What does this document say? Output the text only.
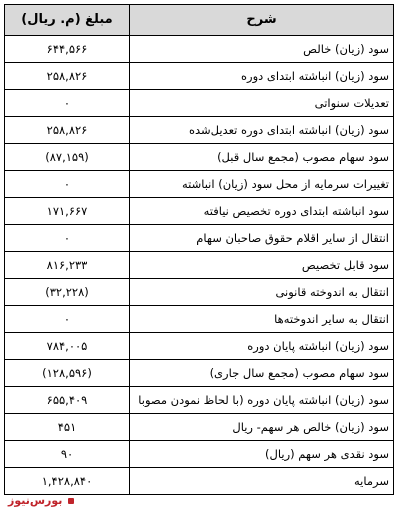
شرح	مبلغ (م. ریال)
سود (زیان) خالص	۶۴۴,۵۶۶
سود (زیان) انباشته ابتدای دوره	۲۵۸,۸۲۶
تعدیلات سنواتی	۰
سود (زیان) انباشته ابتدای دوره تعدیل‌شده	۲۵۸,۸۲۶
سود سهام مصوب (مجمع سال قبل)	(۸۷,۱۵۹)
تغییرات سرمایه از محل سود (زیان) انباشته	۰
سود انباشته ابتدای دوره تخصیص نیافته	۱۷۱,۶۶۷
انتقال از سایر اقلام حقوق صاحبان سهام	۰
سود قابل تخصیص	۸۱۶,۲۳۳
انتقال به اندوخته قانونی	(۳۲,۲۲۸)
انتقال به سایر اندوخته‌ها	۰
سود (زیان) انباشته پایان دوره	۷۸۴,۰۰۵
سود سهام مصوب (مجمع سال جاری)	(۱۲۸,۵۹۶)
سود (زیان) انباشته پایان دوره (با لحاظ نمودن مصوبا	۶۵۵,۴۰۹
سود (زیان) خالص هر سهم- ریال	۴۵۱
سود نقدی هر سهم (ریال)	۹۰
سرمایه	۱,۴۲۸,۸۴۰
بورس‌نیوز
